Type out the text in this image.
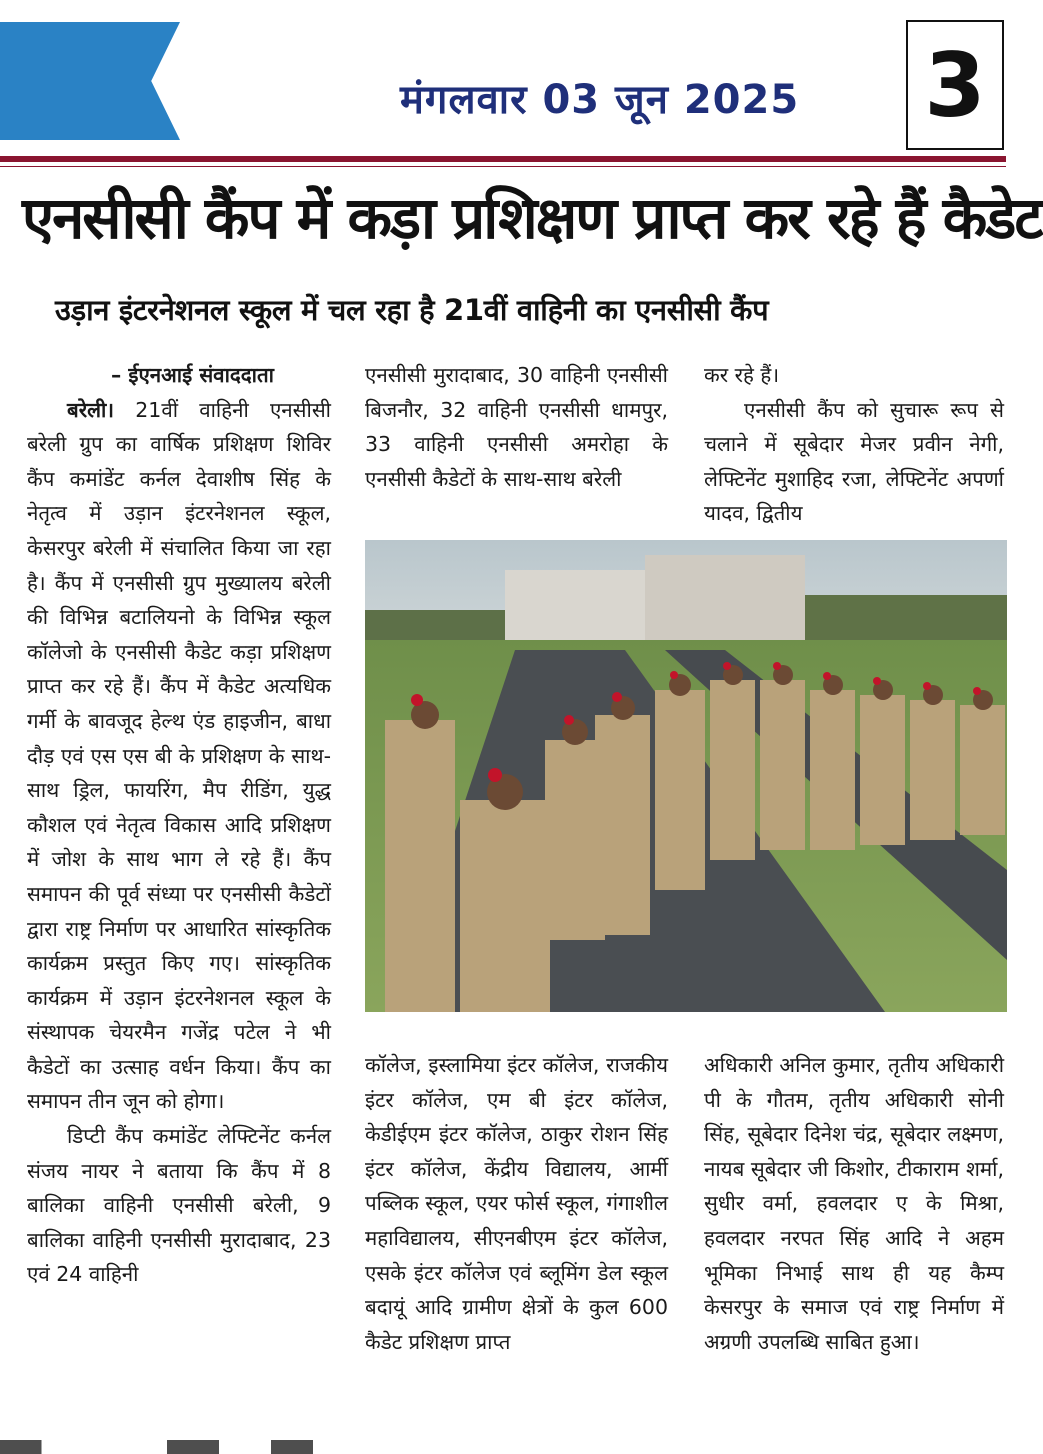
मंगलवार 03 जून 2025	3
एनसीसी कैंप में कड़ा प्रशिक्षण प्राप्त कर रहे हैं कैडेट
उड़ान इंटरनेशनल स्कूल में चल रहा है 21वीं वाहिनी का एनसीसी कैंप

– ईएनआई संवाददाता

बरेली। 21वीं वाहिनी एनसीसी बरेली ग्रुप का वार्षिक प्रशिक्षण शिविर कैंप कमांडेंट कर्नल देवाशीष सिंह के नेतृत्व में उड़ान इंटरनेशनल स्कूल, केसरपुर बरेली में संचालित किया जा रहा है। कैंप में एनसीसी ग्रुप मुख्यालय बरेली की विभिन्न बटालियनो के विभिन्न स्कूल कॉलेजो के एनसीसी कैडेट कड़ा प्रशिक्षण प्राप्त कर रहे हैं। कैंप में कैडेट अत्यधिक गर्मी के बावजूद हेल्थ एंड हाइजीन, बाधा दौड़ एवं एस एस बी के प्रशिक्षण के साथ-साथ ड्रिल, फायरिंग, मैप रीडिंग, युद्ध कौशल एवं नेतृत्व विकास आदि प्रशिक्षण में जोश के साथ भाग ले रहे हैं। कैंप समापन की पूर्व संध्या पर एनसीसी कैडेटों द्वारा राष्ट्र निर्माण पर आधारित सांस्कृतिक कार्यक्रम प्रस्तुत किए गए। सांस्कृतिक कार्यक्रम में उड़ान इंटरनेशनल स्कूल के संस्थापक चेयरमैन गजेंद्र पटेल ने भी कैडेटों का उत्साह वर्धन किया। कैंप का समापन तीन जून को होगा।

डिप्टी कैंप कमांडेंट लेफ्टिनेंट कर्नल संजय नायर ने बताया कि कैंप में 8 बालिका वाहिनी एनसीसी बरेली, 9 बालिका वाहिनी एनसीसी मुरादाबाद, 23 एवं 24 वाहिनी

एनसीसी मुरादाबाद, 30 वाहिनी एनसीसी बिजनौर, 32 वाहिनी एनसीसी धामपुर, 33 वाहिनी एनसीसी अमरोहा के एनसीसी कैडेटों के साथ-साथ बरेली

कर रहे हैं।

एनसीसी कैंप को सुचारू रूप से चलाने में सूबेदार मेजर प्रवीन नेगी, लेफ्टिनेंट मुशाहिद रजा, लेफ्टिनेंट अपर्णा यादव, द्वितीय

कॉलेज, इस्लामिया इंटर कॉलेज, राजकीय इंटर कॉलेज, एम बी इंटर कॉलेज, केडीईएम इंटर कॉलेज, ठाकुर रोशन सिंह इंटर कॉलेज, केंद्रीय विद्यालय, आर्मी पब्लिक स्कूल, एयर फोर्स स्कूल, गंगाशील महाविद्यालय, सीएनबीएम इंटर कॉलेज, एसके इंटर कॉलेज एवं ब्लूमिंग डेल स्कूल बदायूं आदि ग्रामीण क्षेत्रों के कुल 600 कैडेट प्रशिक्षण प्राप्त

अधिकारी अनिल कुमार, तृतीय अधिकारी पी के गौतम, तृतीय अधिकारी सोनी सिंह, सूबेदार दिनेश चंद्र, सूबेदार लक्ष्मण, नायब सूबेदार जी किशोर, टीकाराम शर्मा, सुधीर वर्मा, हवलदार ए के मिश्रा, हवलदार नरपत सिंह आदि ने अहम भूमिका निभाई साथ ही यह कैम्प केसरपुर के समाज एवं राष्ट्र निर्माण में अग्रणी उपलब्धि साबित हुआ।
